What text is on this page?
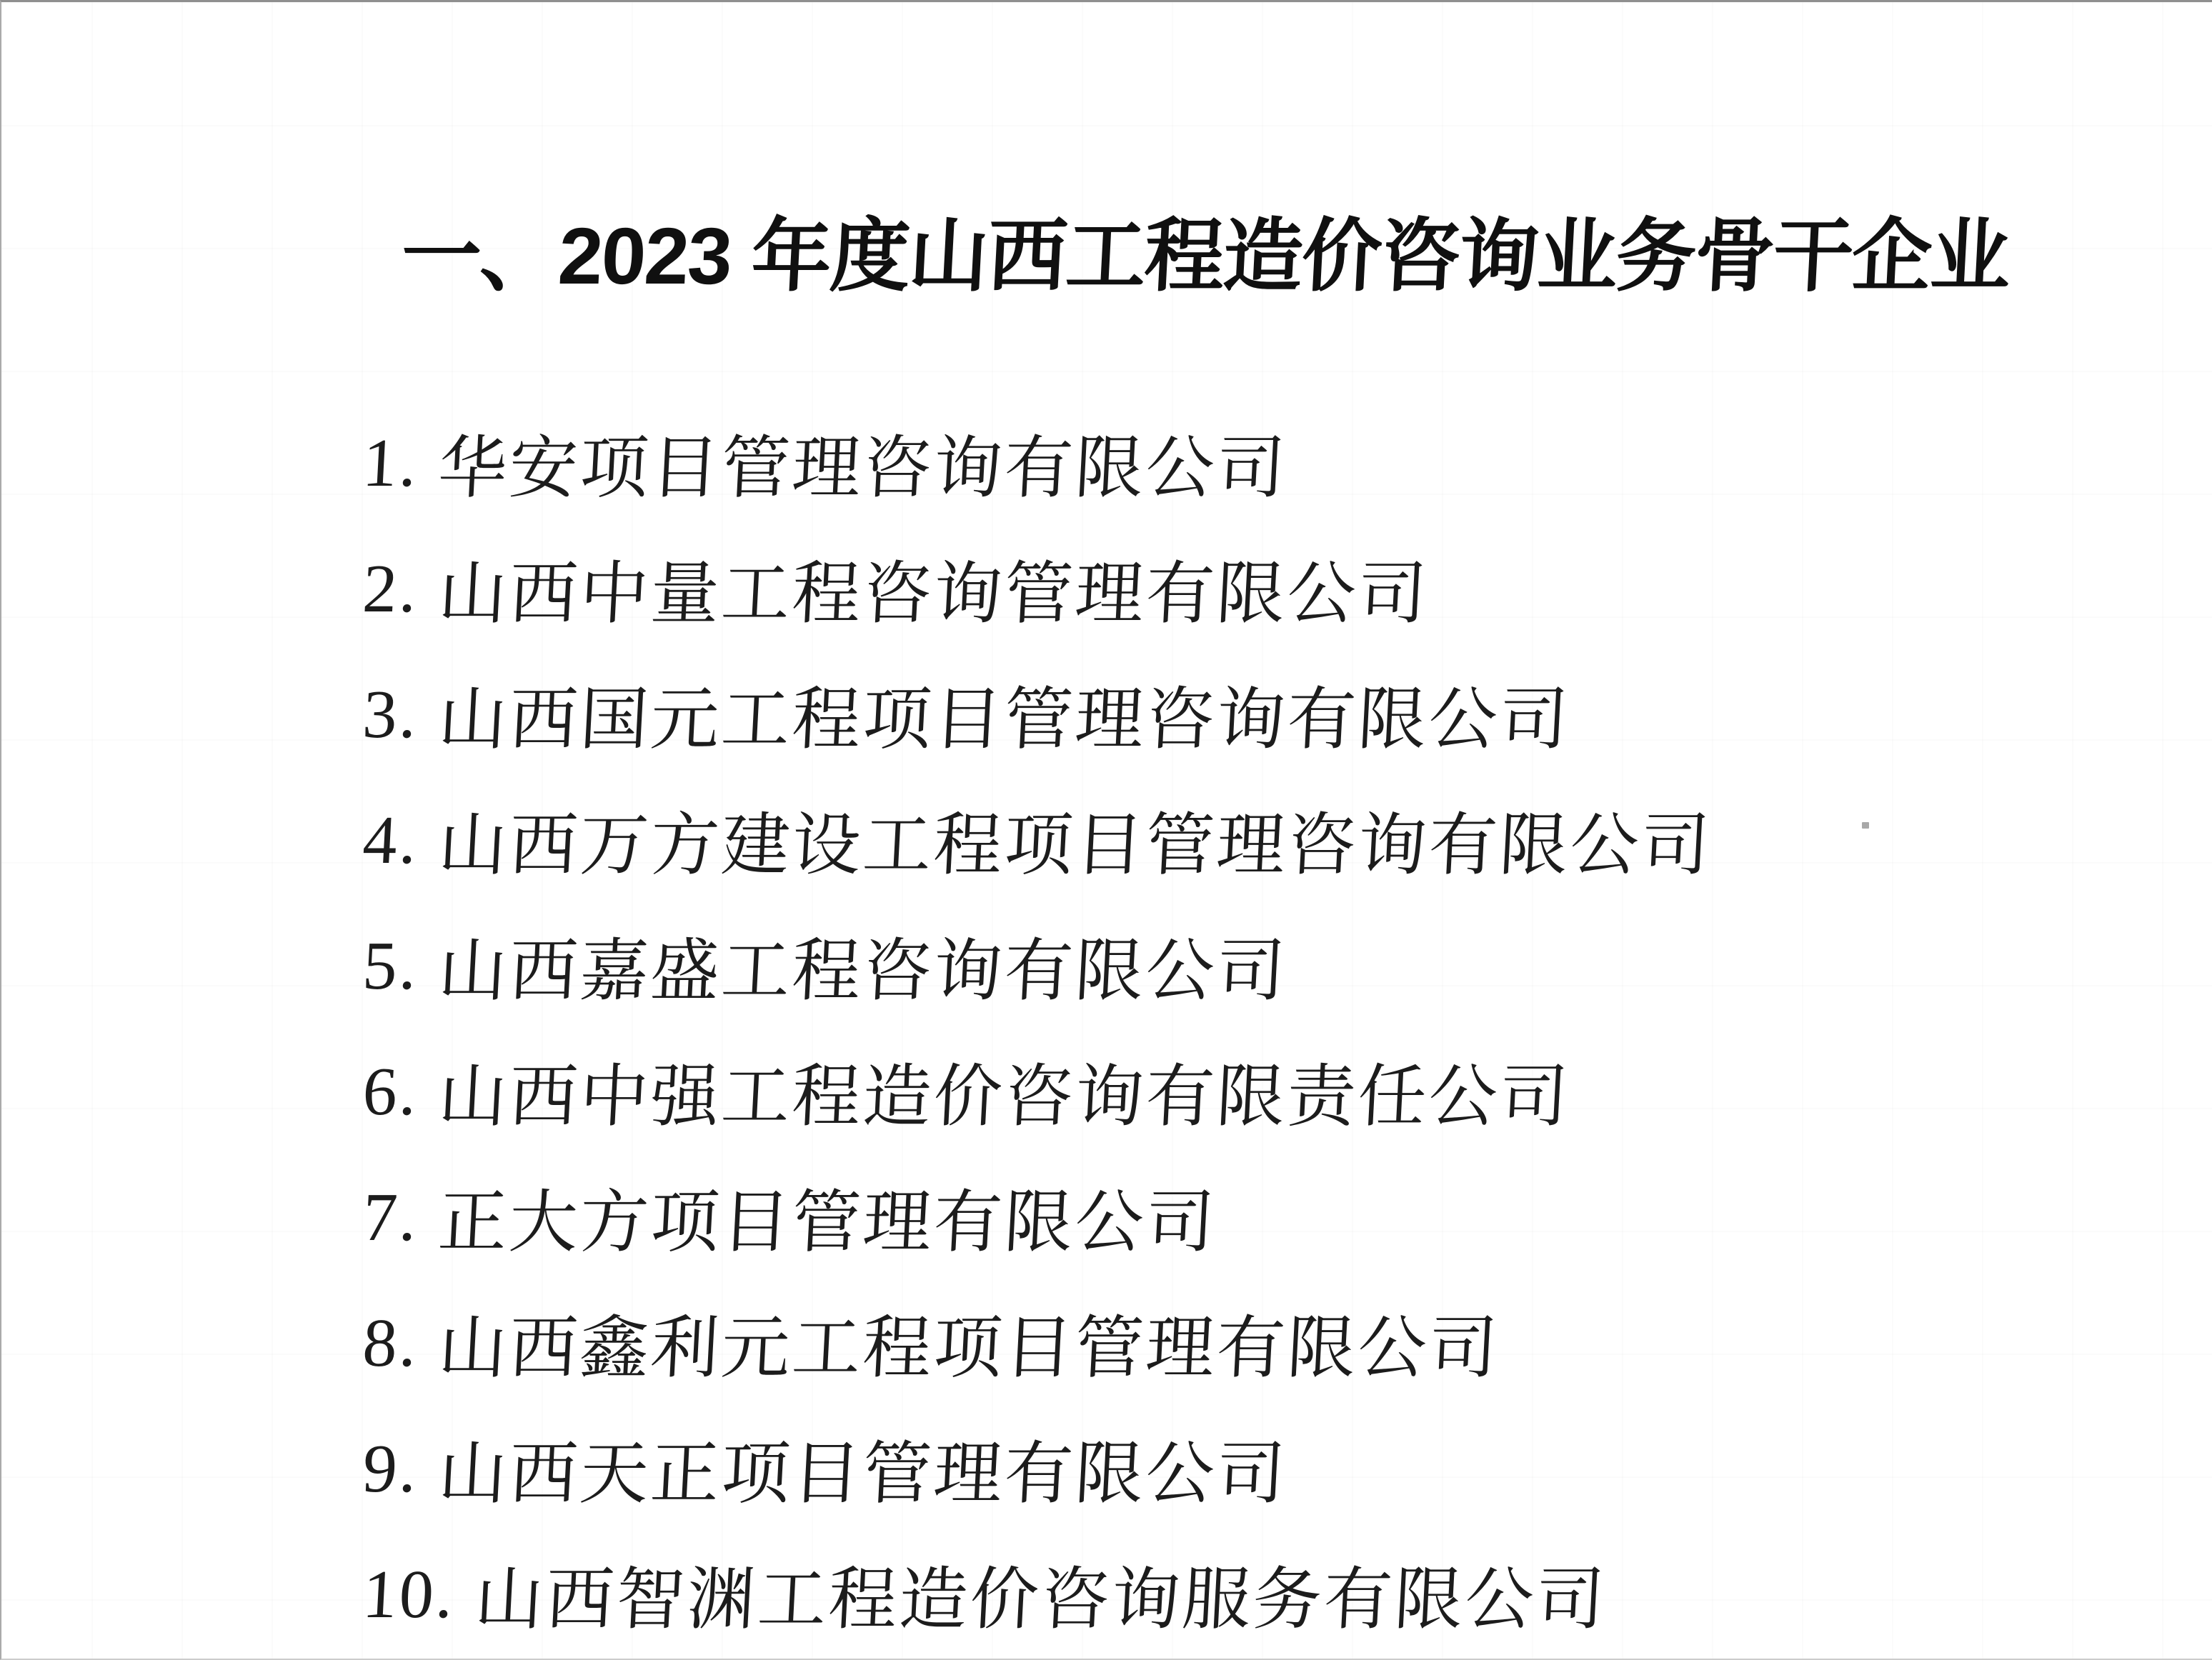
一、2023 年度山西工程造价咨询业务骨干企业
1. 华安项目管理咨询有限公司
2. 山西中量工程咨询管理有限公司
3. 山西国元工程项目管理咨询有限公司
4. 山西万方建设工程项目管理咨询有限公司
5. 山西嘉盛工程咨询有限公司
6. 山西中强工程造价咨询有限责任公司
7. 正大方项目管理有限公司
8. 山西鑫利元工程项目管理有限公司
9. 山西天正项目管理有限公司
10. 山西智渊工程造价咨询服务有限公司
